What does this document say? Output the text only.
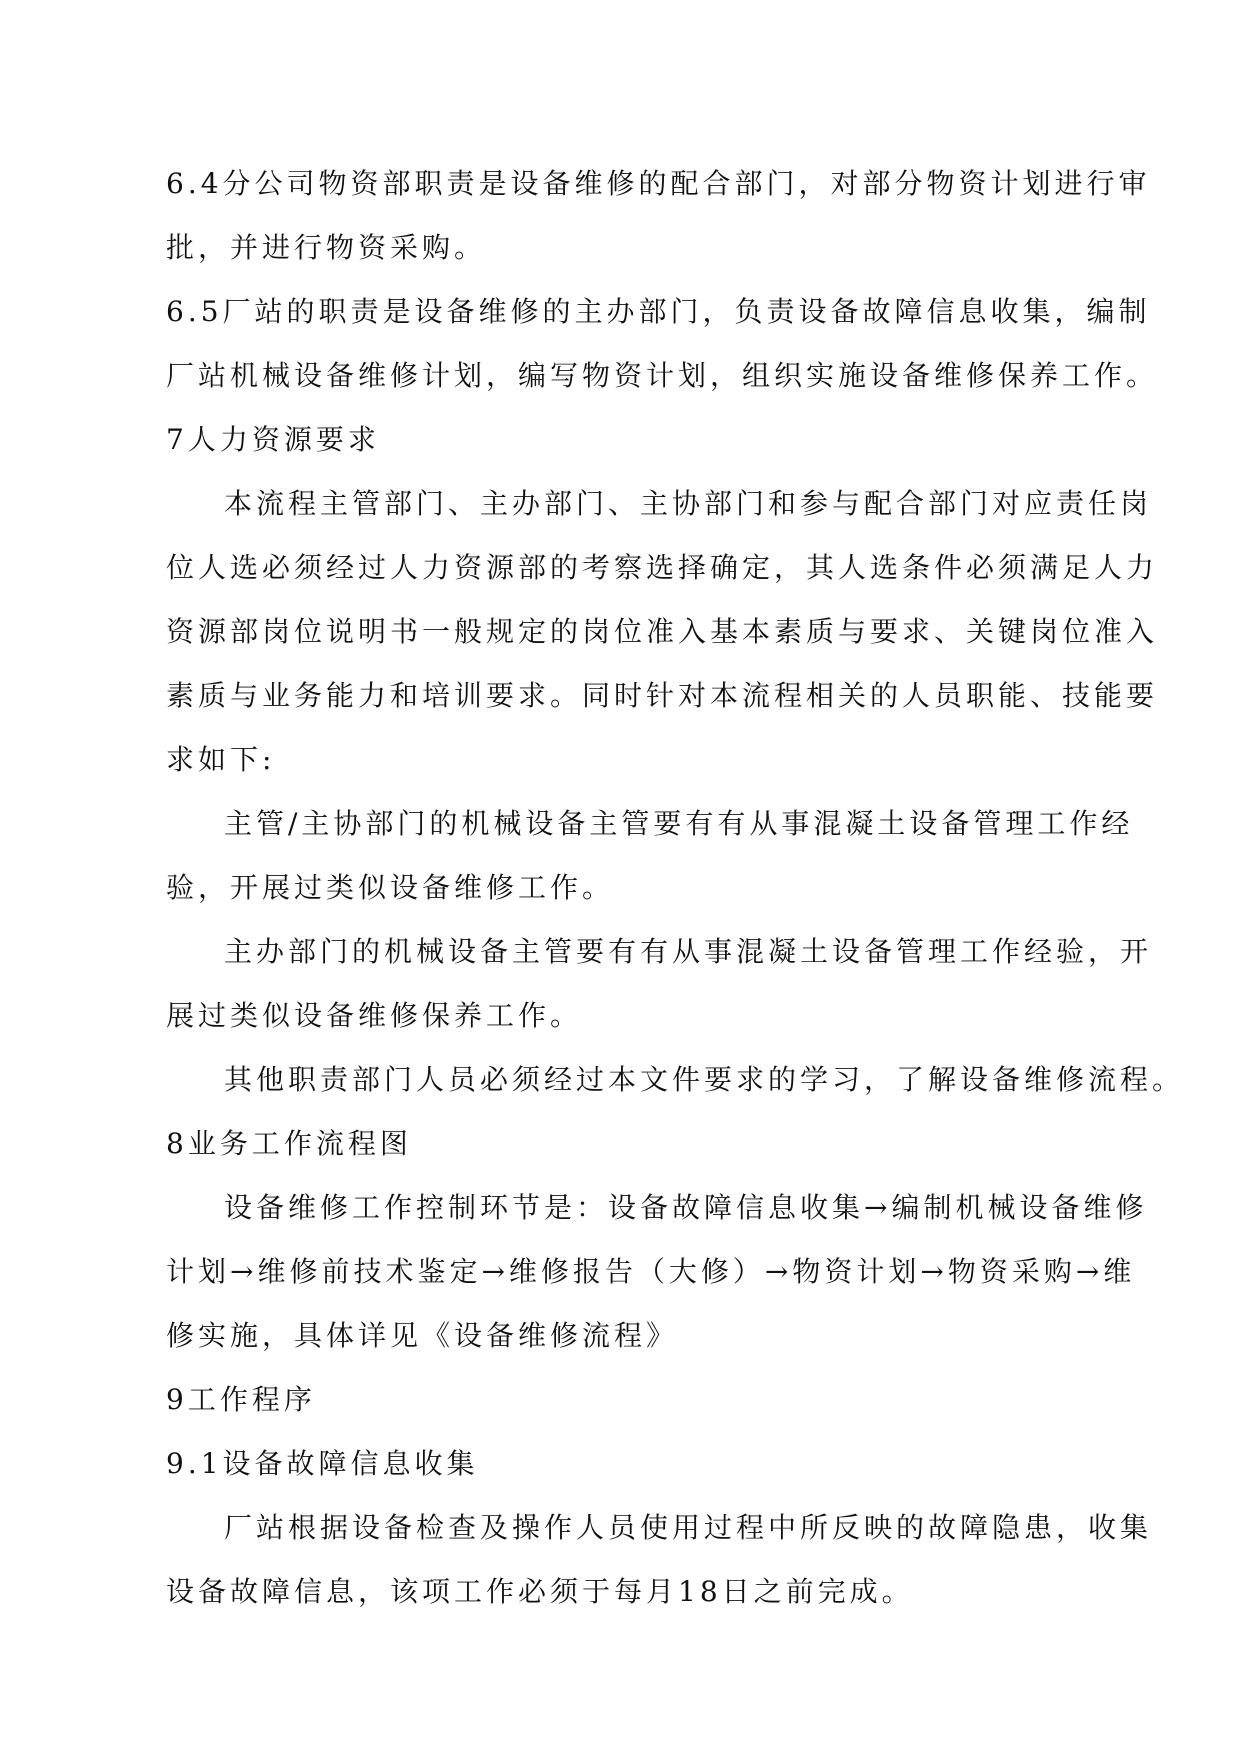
6.4分公司物资部职责是设备维修的配合部门，对部分物资计划进行审

批，并进行物资采购。

6.5厂站的职责是设备维修的主办部门，负责设备故障信息收集，编制

厂站机械设备维修计划，编写物资计划，组织实施设备维修保养工作。

7人力资源要求

本流程主管部门、主办部门、主协部门和参与配合部门对应责任岗

位人选必须经过人力资源部的考察选择确定，其人选条件必须满足人力

资源部岗位说明书一般规定的岗位准入基本素质与要求、关键岗位准入

素质与业务能力和培训要求。同时针对本流程相关的人员职能、技能要

求如下:

主管/主协部门的机械设备主管要有有从事混凝土设备管理工作经

验，开展过类似设备维修工作。

主办部门的机械设备主管要有有从事混凝土设备管理工作经验，开

展过类似设备维修保养工作。

其他职责部门人员必须经过本文件要求的学习，了解设备维修流程。

8业务工作流程图

设备维修工作控制环节是：设备故障信息收集→编制机械设备维修

计划→维修前技术鉴定→维修报告（大修）→物资计划→物资采购→维

修实施，具体详见《设备维修流程》

9工作程序

9.1设备故障信息收集

厂站根据设备检查及操作人员使用过程中所反映的故障隐患，收集

设备故障信息，该项工作必须于每月18日之前完成。
